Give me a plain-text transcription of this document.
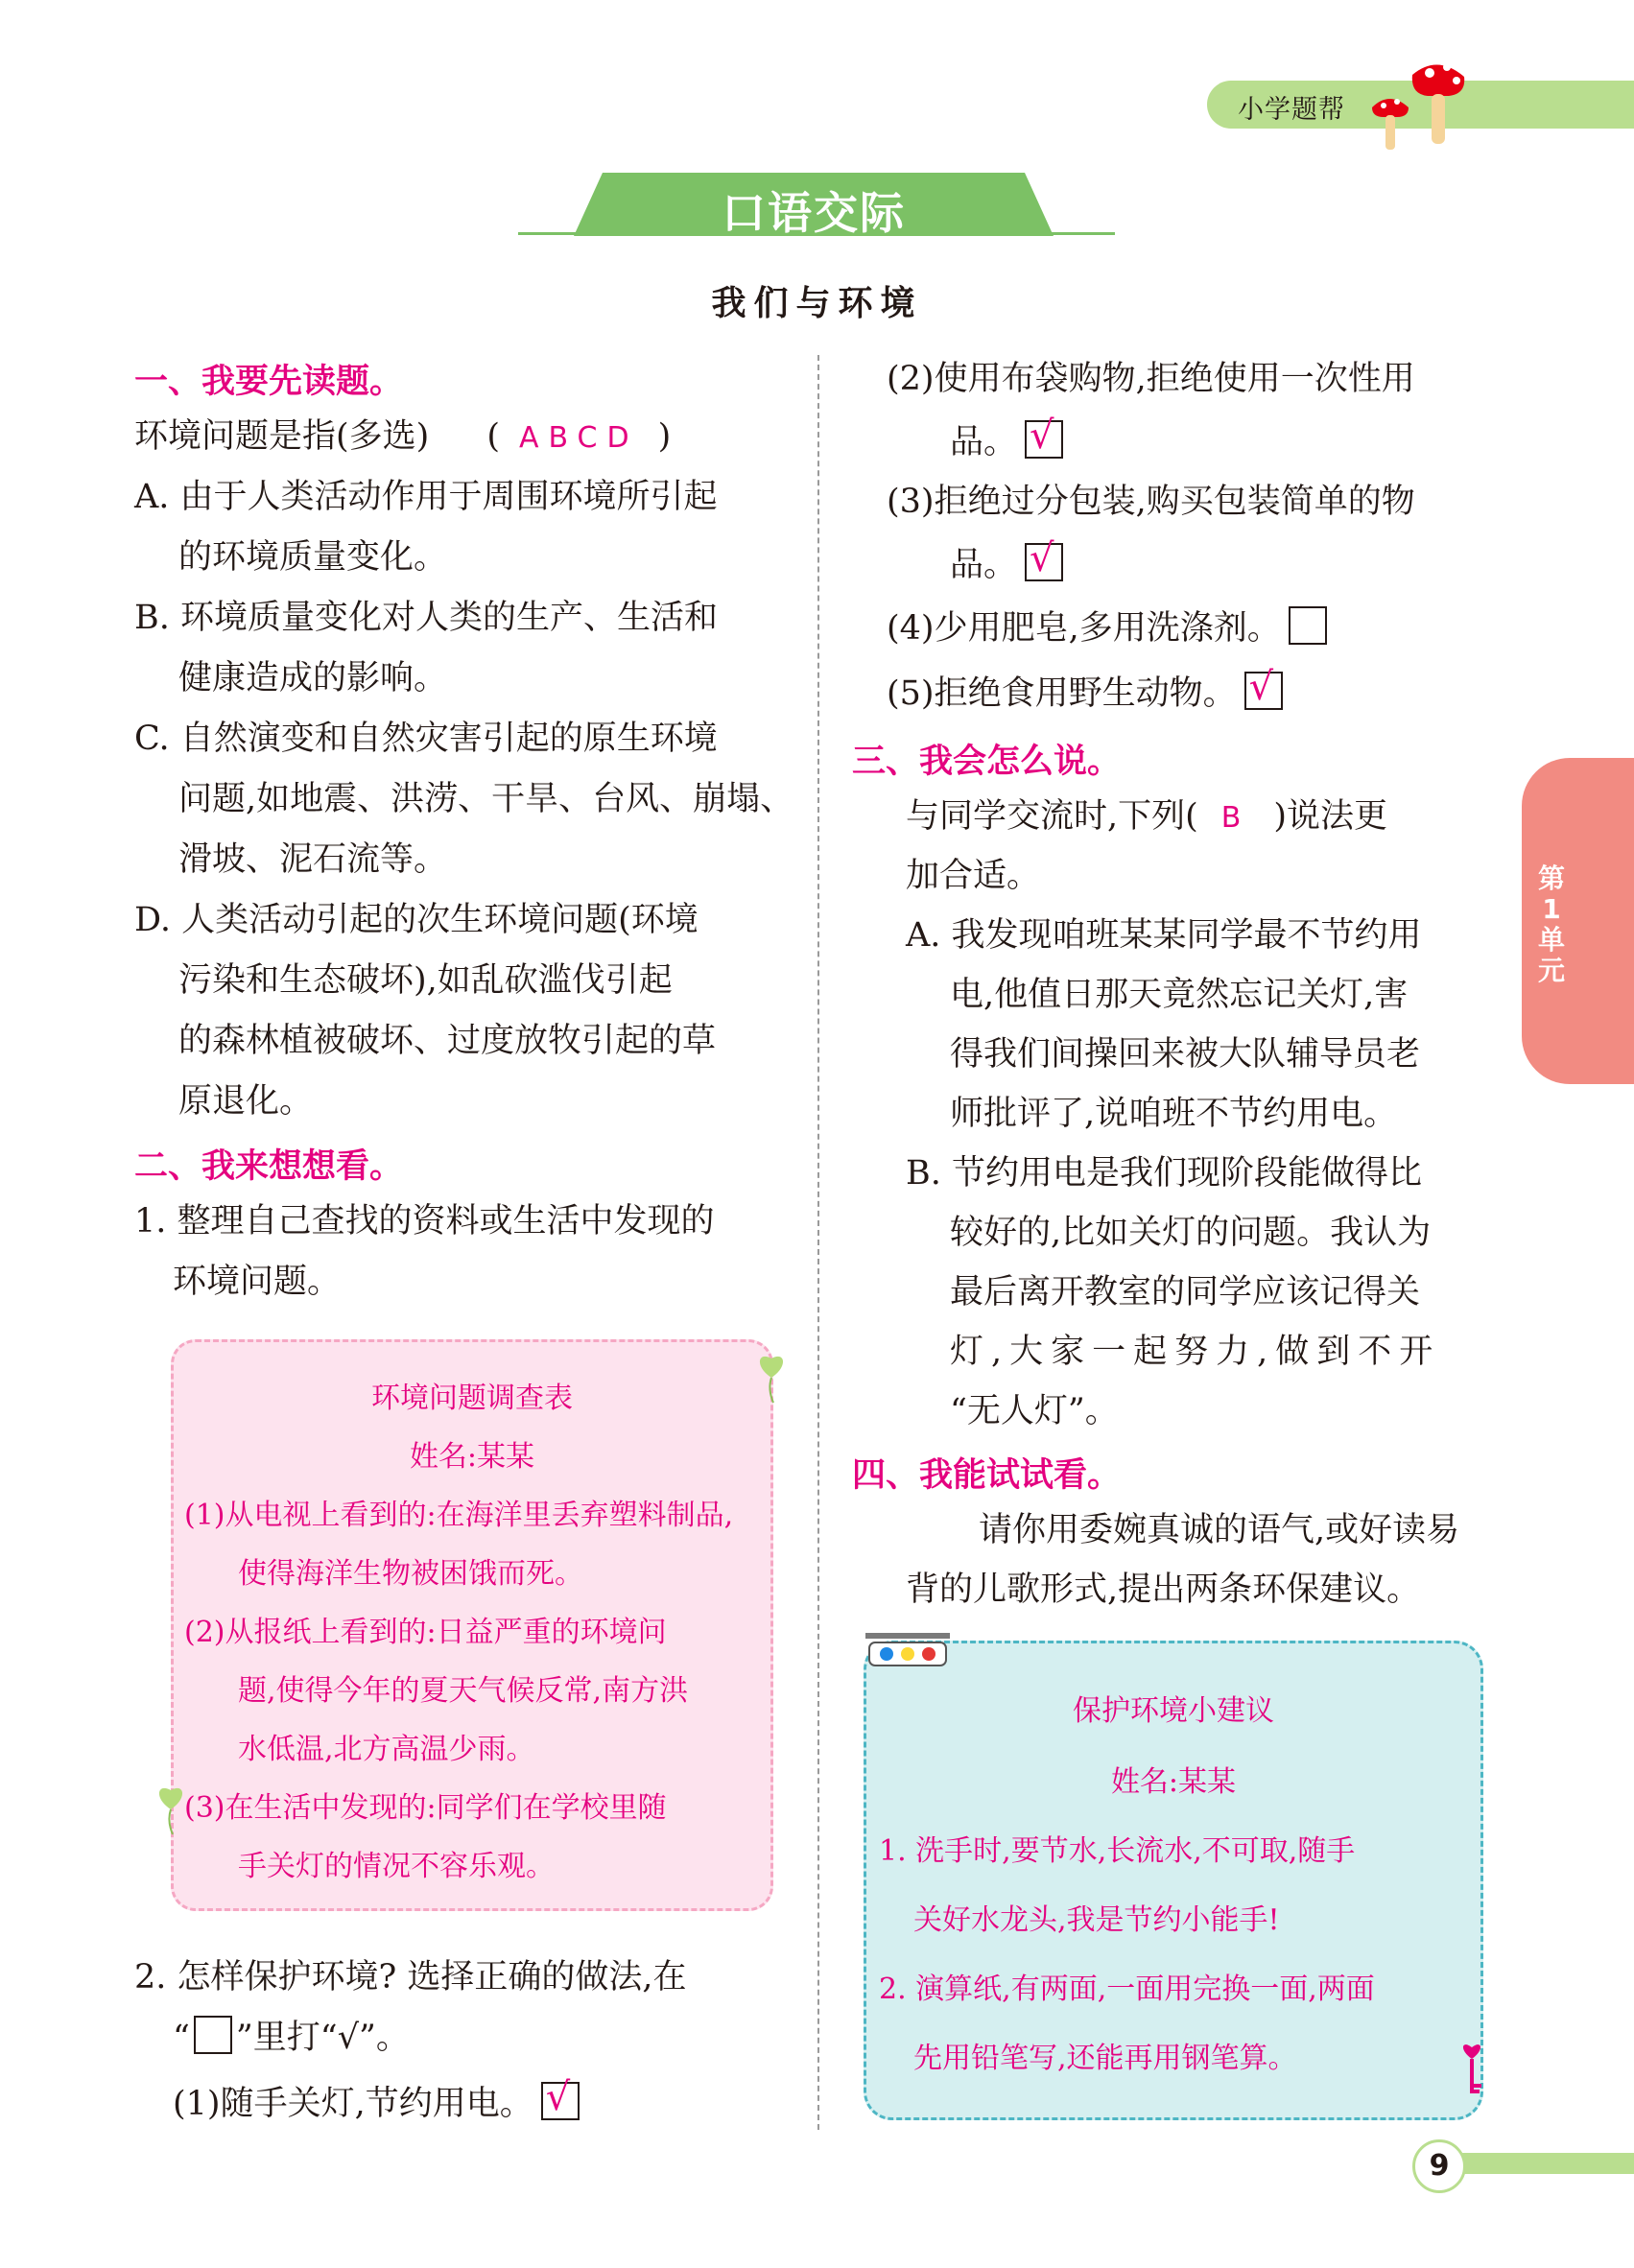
小学题帮
口语交际
我们与环境
一、我要先读题。
环境问题是指(多选) ( ABCD )
A. 由于人类活动作用于周围环境所引起
的环境质量变化。
B. 环境质量变化对人类的生产、生活和
健康造成的影响。
C. 自然演变和自然灾害引起的原生环境
问题,如地震、洪涝、干旱、台风、崩塌、
滑坡、泥石流等。
D. 人类活动引起的次生环境问题(环境
污染和生态破坏),如乱砍滥伐引起
的森林植被破坏、过度放牧引起的草
原退化。
二、我来想想看。
1. 整理自己查找的资料或生活中发现的
环境问题。
环境问题调查表
姓名:某某
(1)从电视上看到的:在海洋里丢弃塑料制品,
使得海洋生物被困饿而死。
(2)从报纸上看到的:日益严重的环境问
题,使得今年的夏天气候反常,南方洪
水低温,北方高温少雨。
(3)在生活中发现的:同学们在学校里随
手关灯的情况不容乐观。
2. 怎样保护环境? 选择正确的做法,在
“ ”里打“√”。
(1)随手关灯,节约用电。 √
(2)使用布袋购物,拒绝使用一次性用
品。 √
(3)拒绝过分包装,购买包装简单的物
品。 √
(4)少用肥皂,多用洗涤剂。
(5)拒绝食用野生动物。 √
三、我会怎么说。
与同学交流时,下列( B )说法更
加合适。
A. 我发现咱班某某同学最不节约用
电,他值日那天竟然忘记关灯,害
得我们间操回来被大队辅导员老
师批评了,说咱班不节约用电。
B. 节约用电是我们现阶段能做得比
较好的,比如关灯的问题。我认为
最后离开教室的同学应该记得关
灯,大家一起努力,做到不开
“无人灯”。
四、我能试试看。
请你用委婉真诚的语气,或好读易
背的儿歌形式,提出两条环保建议。
保护环境小建议
姓名:某某
1. 洗手时,要节水,长流水,不可取,随手
关好水龙头,我是节约小能手!
2. 演算纸,有两面,一面用完换一面,两面
先用铅笔写,还能再用钢笔算。
第
1
单
元
9
